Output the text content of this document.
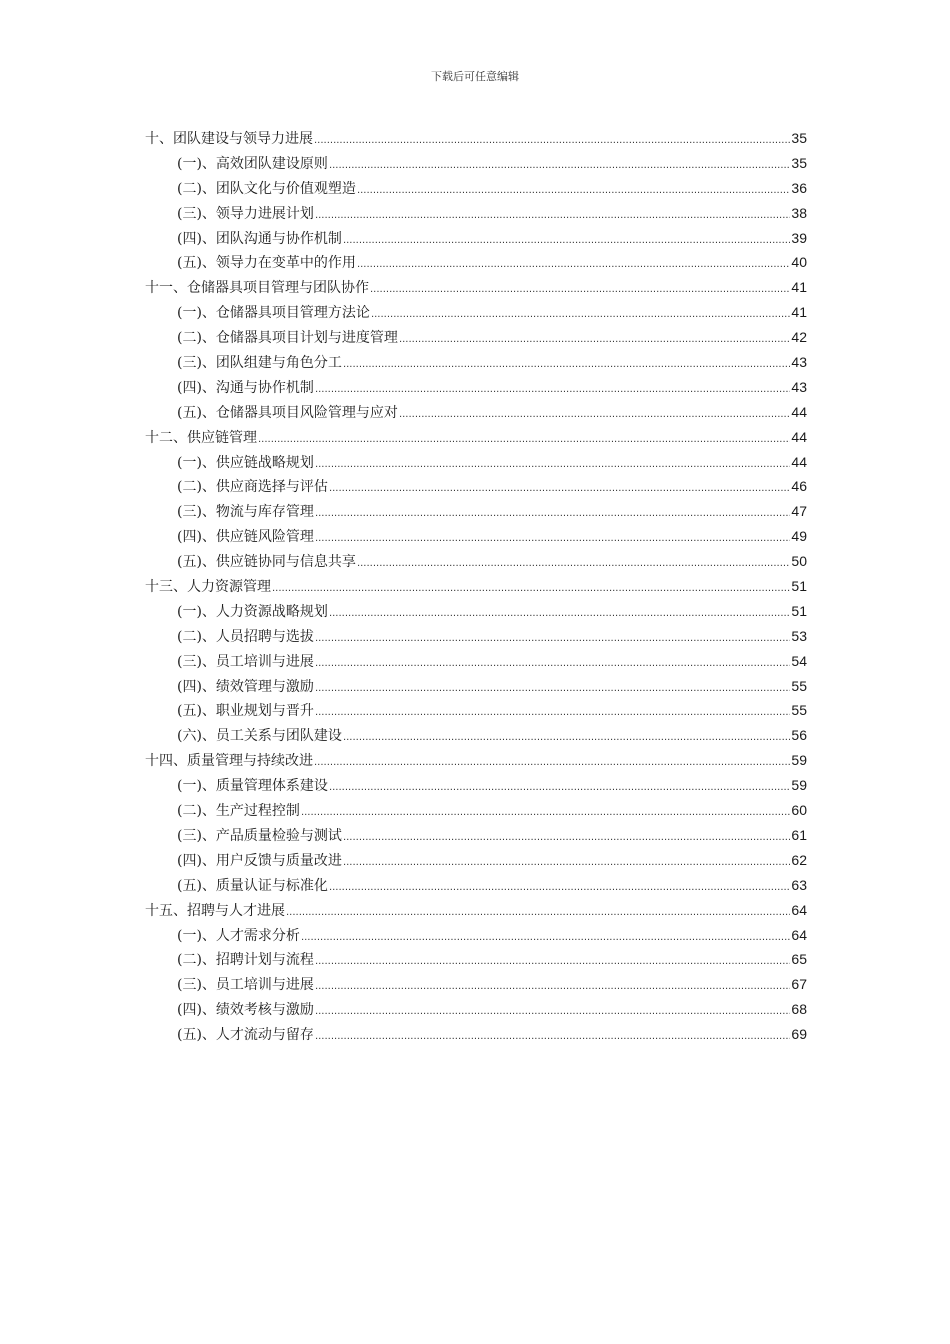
下载后可任意编辑
十、团队建设与领导力进展 .....	35
(一)、高效团队建设原则 .....	35
(二)、团队文化与价值观塑造 .....	36
(三)、领导力进展计划 .....	38
(四)、团队沟通与协作机制 .....	39
(五)、领导力在变革中的作用 .....	40
十一、仓储器具项目管理与团队协作 .....	41
(一)、仓储器具项目管理方法论 .....	41
(二)、仓储器具项目计划与进度管理 .....	42
(三)、团队组建与角色分工 .....	43
(四)、沟通与协作机制 .....	43
(五)、仓储器具项目风险管理与应对 .....	44
十二、供应链管理 .....	44
(一)、供应链战略规划 .....	44
(二)、供应商选择与评估 .....	46
(三)、物流与库存管理 .....	47
(四)、供应链风险管理 .....	49
(五)、供应链协同与信息共享 .....	50
十三、人力资源管理 .....	51
(一)、人力资源战略规划 .....	51
(二)、人员招聘与选拔 .....	53
(三)、员工培训与进展 .....	54
(四)、绩效管理与激励 .....	55
(五)、职业规划与晋升 .....	55
(六)、员工关系与团队建设 .....	56
十四、质量管理与持续改进 .....	59
(一)、质量管理体系建设 .....	59
(二)、生产过程控制 .....	60
(三)、产品质量检验与测试 .....	61
(四)、用户反馈与质量改进 .....	62
(五)、质量认证与标准化 .....	63
十五、招聘与人才进展 .....	64
(一)、人才需求分析 .....	64
(二)、招聘计划与流程 .....	65
(三)、员工培训与进展 .....	67
(四)、绩效考核与激励 .....	68
(五)、人才流动与留存 .....	69
